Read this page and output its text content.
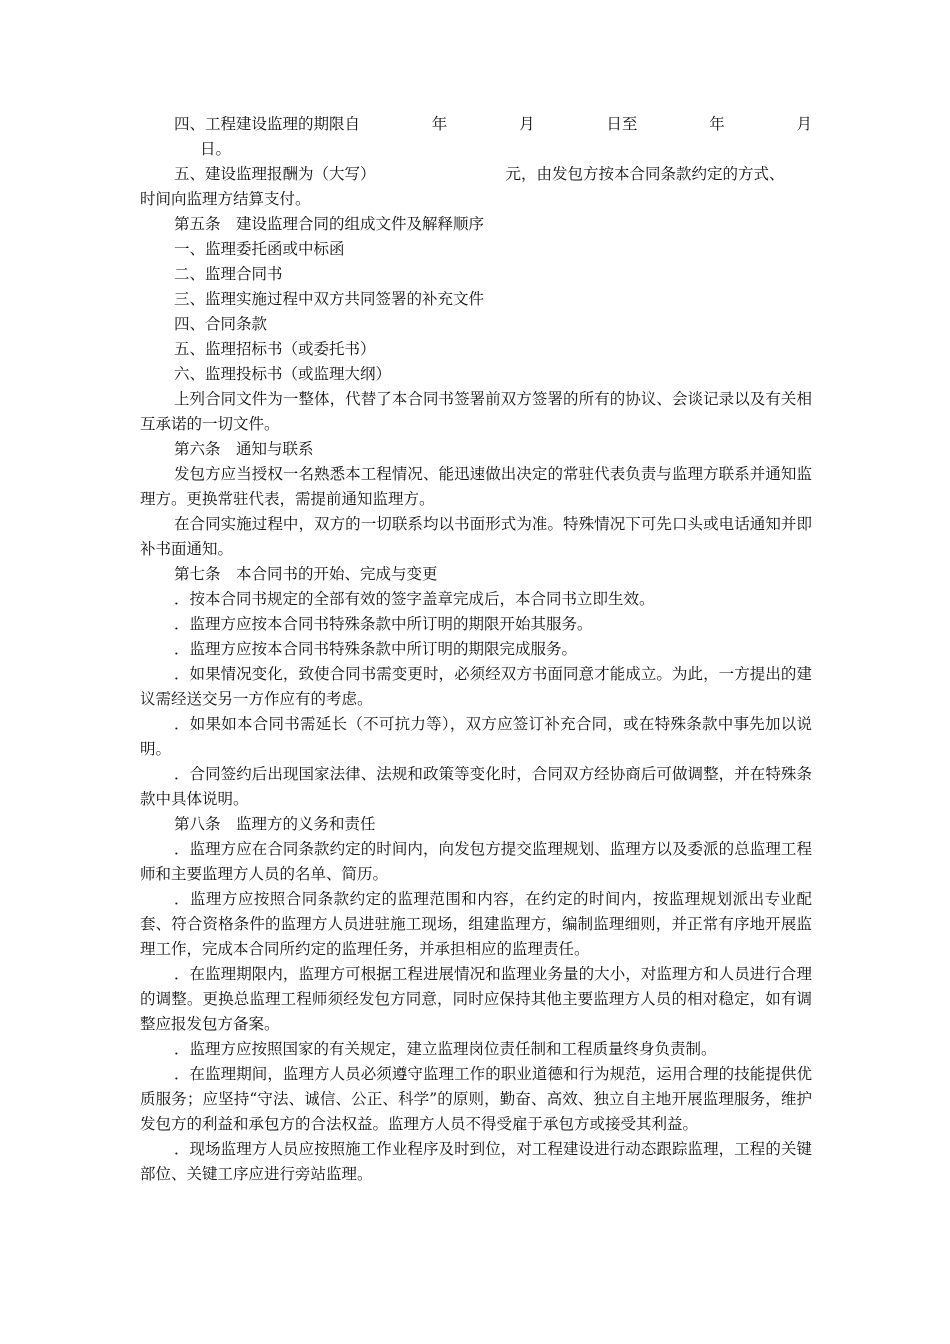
四、工程建设监理的期限自	年	月	日至	年	月
日。
五、建设监理报酬为（大写）	元，由发包方按本合同条款约定的方式、
时间向监理方结算支付。

第五条　建设监理合同的组成文件及解释顺序

一、监理委托函或中标函

二、监理合同书

三、监理实施过程中双方共同签署的补充文件

四、合同条款

五、监理招标书（或委托书）

六、监理投标书（或监理大纲）

上列合同文件为一整体，代替了本合同书签署前双方签署的所有的协议、会谈记录以及有关相互承诺的一切文件。

第六条　通知与联系

发包方应当授权一名熟悉本工程情况、能迅速做出决定的常驻代表负责与监理方联系并通知监理方。更换常驻代表，需提前通知监理方。

在合同实施过程中，双方的一切联系均以书面形式为准。特殊情况下可先口头或电话通知并即补书面通知。

第七条　本合同书的开始、完成与变更

．按本合同书规定的全部有效的签字盖章完成后，本合同书立即生效。

．监理方应按本合同书特殊条款中所订明的期限开始其服务。

．监理方应按本合同书特殊条款中所订明的期限完成服务。

．如果情况变化，致使合同书需变更时，必须经双方书面同意才能成立。为此，一方提出的建议需经送交另一方作应有的考虑。

．如果如本合同书需延长（不可抗力等），双方应签订补充合同，或在特殊条款中事先加以说明。

．合同签约后出现国家法律、法规和政策等变化时，合同双方经协商后可做调整，并在特殊条款中具体说明。

第八条　监理方的义务和责任

．监理方应在合同条款约定的时间内，向发包方提交监理规划、监理方以及委派的总监理工程师和主要监理方人员的名单、简历。

．监理方应按照合同条款约定的监理范围和内容，在约定的时间内，按监理规划派出专业配套、符合资格条件的监理方人员进驻施工现场，组建监理方，编制监理细则，并正常有序地开展监理工作，完成本合同所约定的监理任务，并承担相应的监理责任。

．在监理期限内，监理方可根据工程进展情况和监理业务量的大小，对监理方和人员进行合理的调整。更换总监理工程师须经发包方同意，同时应保持其他主要监理方人员的相对稳定，如有调整应报发包方备案。

．监理方应按照国家的有关规定，建立监理岗位责任制和工程质量终身负责制。

．在监理期间，监理方人员必须遵守监理工作的职业道德和行为规范，运用合理的技能提供优质服务；应坚持“守法、诚信、公正、科学”的原则，勤奋、高效、独立自主地开展监理服务，维护发包方的利益和承包方的合法权益。监理方人员不得受雇于承包方或接受其利益。

．现场监理方人员应按照施工作业程序及时到位，对工程建设进行动态跟踪监理，工程的关键部位、关键工序应进行旁站监理。
